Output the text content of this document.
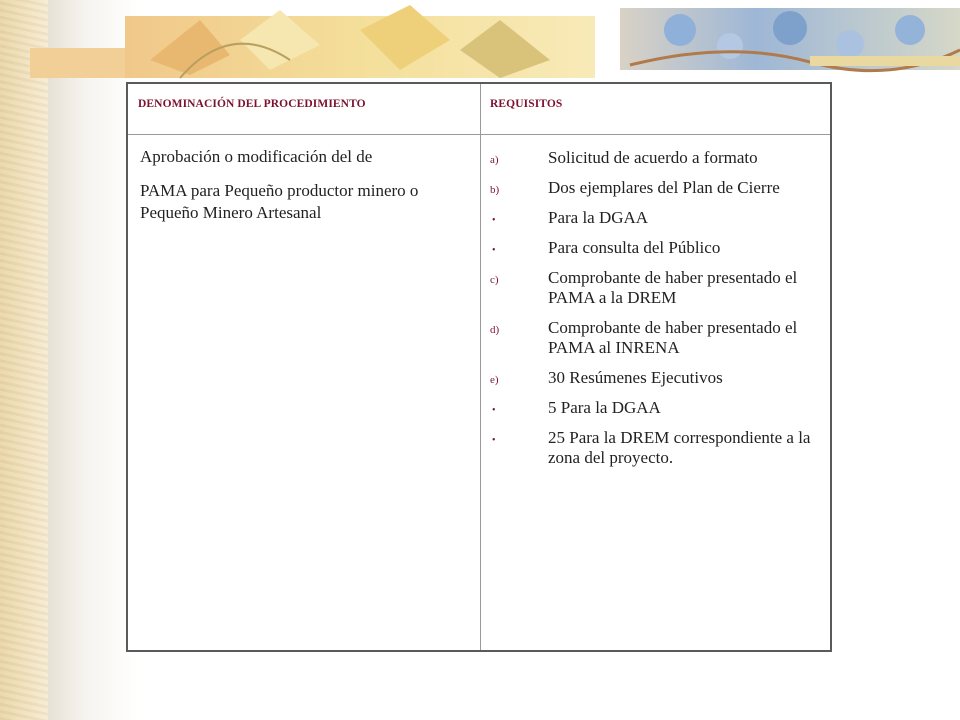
DENOMINACIÓN DEL PROCEDIMIENTO	REQUISITOS

Aprobación o modificación del de

PAMA para Pequeño productor minero o Pequeño Minero Artesanal

a)	Solicitud de acuerdo a formato
b)	Dos ejemplares del Plan de Cierre
•	Para la DGAA
•	Para consulta del Público
c)	Comprobante de haber presentado el PAMA a la DREM
d)	Comprobante de haber presentado el PAMA al INRENA
e)	30 Resúmenes Ejecutivos
•	5 Para la DGAA
•	25 Para la DREM correspondiente a la zona del proyecto.
